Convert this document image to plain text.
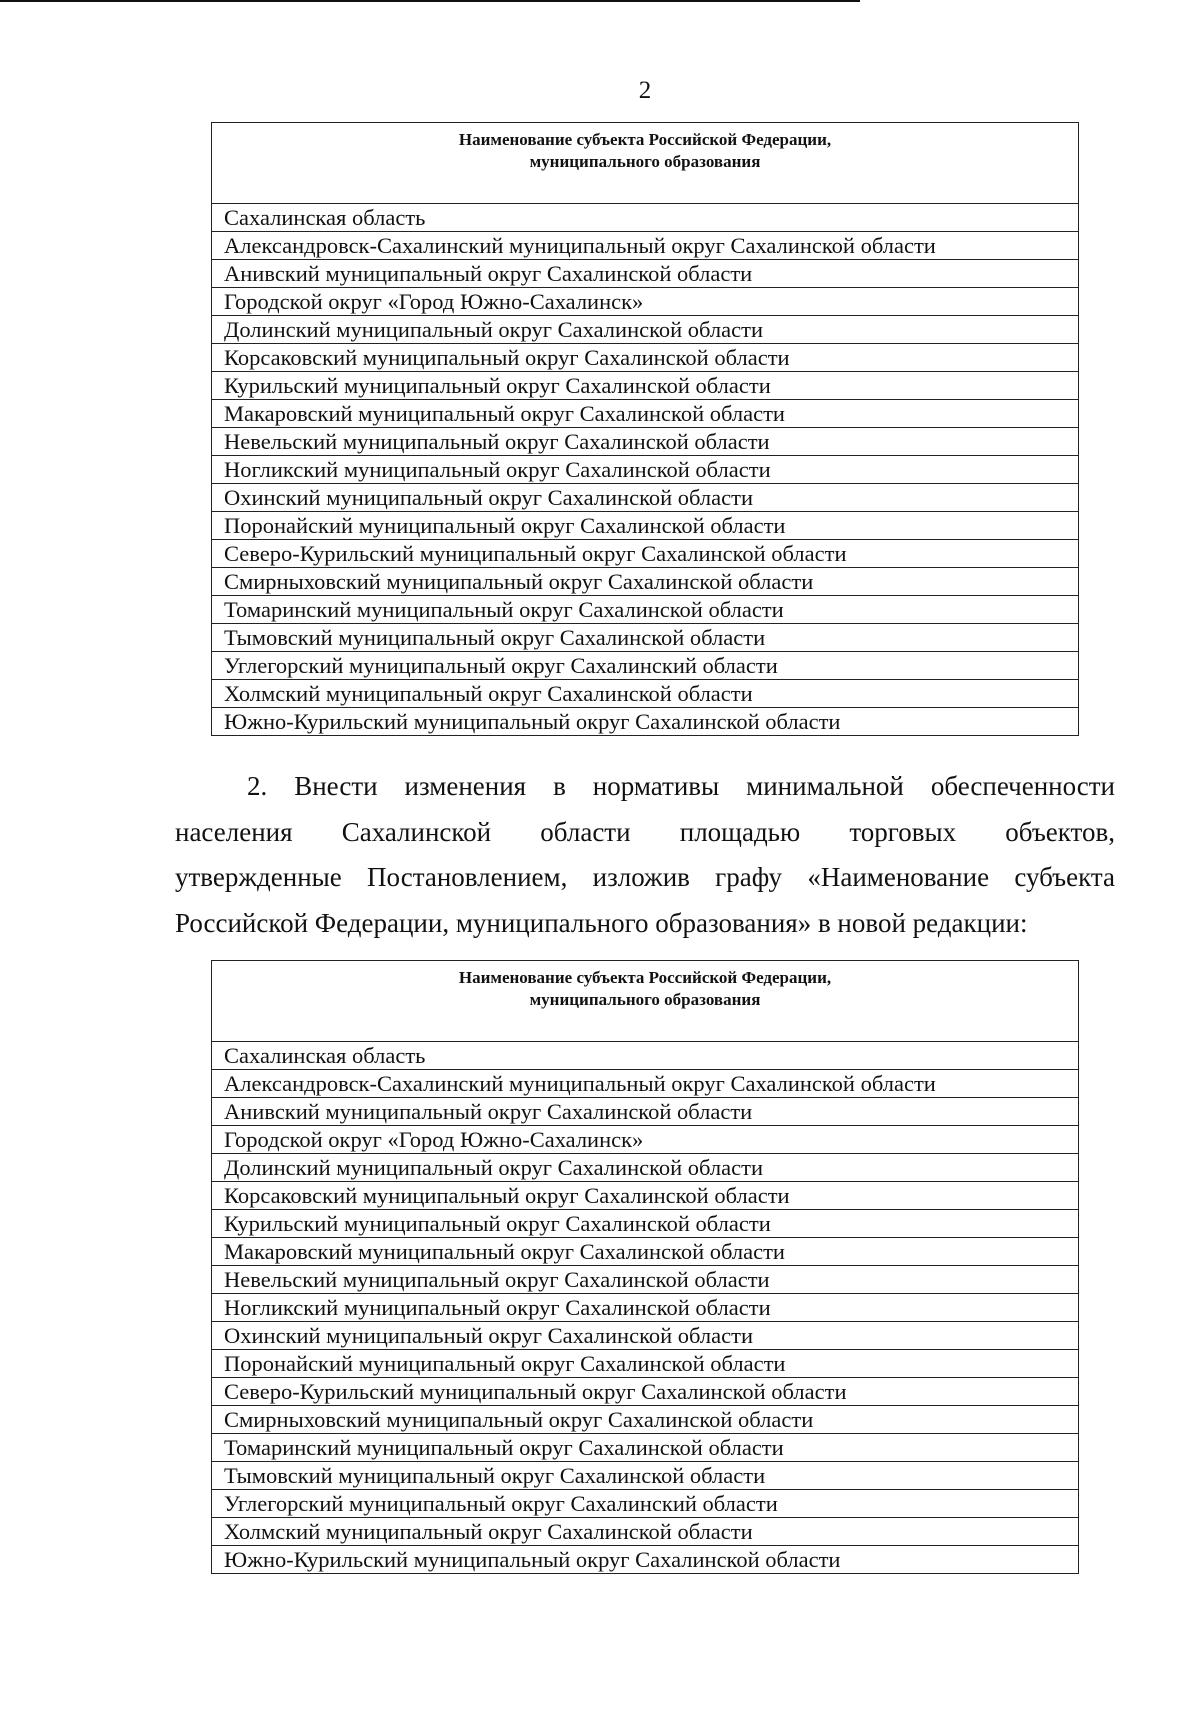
2
Наименование субъекта Российской Федерации,
муниципального образования

Сахалинская область
Александровск-Сахалинский муниципальный округ Сахалинской области
Анивский муниципальный округ Сахалинской области
Городской округ «Город Южно-Сахалинск»
Долинский муниципальный округ Сахалинской области
Корсаковский муниципальный округ Сахалинской области
Курильский муниципальный округ Сахалинской области
Макаровский муниципальный округ Сахалинской области
Невельский муниципальный округ Сахалинской области
Ногликский муниципальный округ Сахалинской области
Охинский муниципальный округ Сахалинской области
Поронайский муниципальный округ Сахалинской области
Северо-Курильский муниципальный округ Сахалинской области
Смирныховский муниципальный округ Сахалинской области
Томаринский муниципальный округ Сахалинской области
Тымовский муниципальный округ Сахалинской области
Углегорский муниципальный округ Сахалинский области
Холмский муниципальный округ Сахалинской области
Южно-Курильский муниципальный округ Сахалинской области

2. Внести изменения в нормативы минимальной обеспеченности
населения Сахалинской области площадью торговых объектов,
утвержденные Постановлением, изложив графу «Наименование субъекта
Российской Федерации, муниципального образования» в новой редакции:

Наименование субъекта Российской Федерации,
муниципального образования

Сахалинская область
Александровск-Сахалинский муниципальный округ Сахалинской области
Анивский муниципальный округ Сахалинской области
Городской округ «Город Южно-Сахалинск»
Долинский муниципальный округ Сахалинской области
Корсаковский муниципальный округ Сахалинской области
Курильский муниципальный округ Сахалинской области
Макаровский муниципальный округ Сахалинской области
Невельский муниципальный округ Сахалинской области
Ногликский муниципальный округ Сахалинской области
Охинский муниципальный округ Сахалинской области
Поронайский муниципальный округ Сахалинской области
Северо-Курильский муниципальный округ Сахалинской области
Смирныховский муниципальный округ Сахалинской области
Томаринский муниципальный округ Сахалинской области
Тымовский муниципальный округ Сахалинской области
Углегорский муниципальный округ Сахалинский области
Холмский муниципальный округ Сахалинской области
Южно-Курильский муниципальный округ Сахалинской области
